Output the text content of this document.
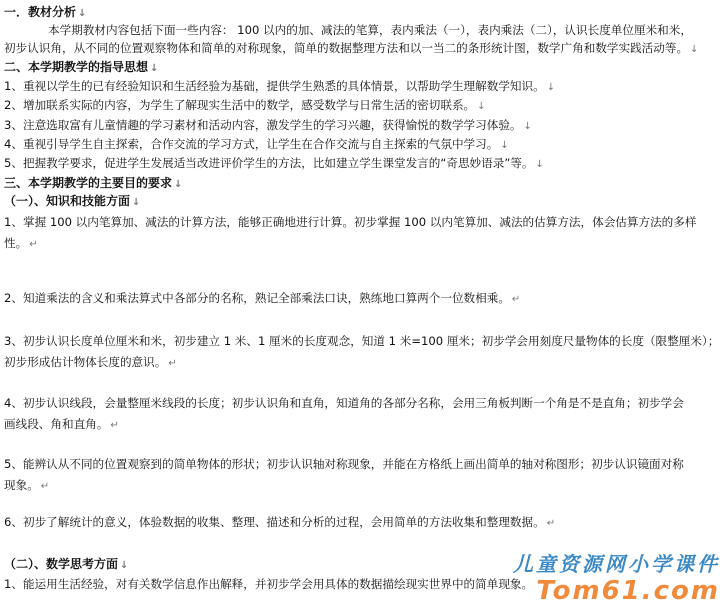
一．教材分析 ↓
本学期教材内容包括下面一些内容： 100 以内的加、减法的笔算，表内乘法（一），表内乘法（二），认识长度单位厘米和米，
初步认识角，从不同的位置观察物体和简单的对称现象，简单的数据整理方法和以一当二的条形统计图，数学广角和数学实践活动等。 ↓
二、本学期教学的指导思想 ↓
1、重视以学生的已有经验知识和生活经验为基础，提供学生熟悉的具体情景，以帮助学生理解数学知识。 ↓
2、增加联系实际的内容，为学生了解现实生活中的数学，感受数学与日常生活的密切联系。 ↓
3、注意选取富有儿童情趣的学习素材和活动内容，激发学生的学习兴趣，获得愉悦的数学学习体验。 ↓
4、重视引导学生自主探索，合作交流的学习方式，让学生在合作交流与自主探索的气氛中学习。 ↓
5、把握教学要求，促进学生发展适当改进评价学生的方法，比如建立学生课堂发言的“奇思妙语录”等。 ↓
三、本学期教学的主要目的要求 ↓
（一）、知识和技能方面 ↓
1、掌握 100 以内笔算加、减法的计算方法，能够正确地进行计算。初步掌握 100 以内笔算加、减法的估算方法，体会估算方法的多样
性。 ↵
2、知道乘法的含义和乘法算式中各部分的名称，熟记全部乘法口诀，熟练地口算两个一位数相乘。 ↵
3、初步认识长度单位厘米和米，初步建立 1 米、1 厘米的长度观念，知道 1 米=100 厘米；初步学会用刻度尺量物体的长度（限整厘米）；
初步形成估计物体长度的意识。 ↵
4、初步认识线段，会量整厘米线段的长度；初步认识角和直角，知道角的各部分名称，会用三角板判断一个角是不是直角；初步学会
画线段、角和直角。 ↵
5、能辨认从不同的位置观察到的简单物体的形状；初步认识轴对称现象，并能在方格纸上画出简单的轴对称图形；初步认识镜面对称
现象。 ↵
6、初步了解统计的意义，体验数据的收集、整理、描述和分析的过程，会用简单的方法收集和整理数据。 ↵
（二）、数学思考方面 ↓
1、能运用生活经验，对有关数学信息作出解释，并初步学会用具体的数据描绘现实世界中的简单现象。
儿童资源网小学课件
Tom61.com
